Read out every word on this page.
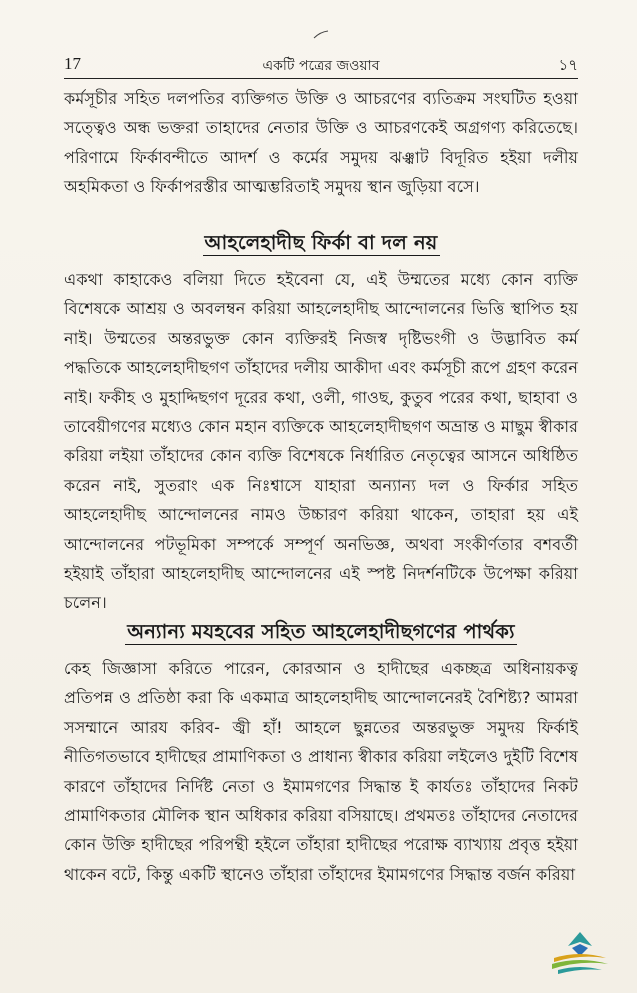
17	একটি পত্রের জওয়াব	১৭
কর্মসূচীর সহিত দলপতির ব্যক্তিগত উক্তি ও আচরণের ব্যতিক্রম সংঘটিত হওয়া সত্ত্বেও অন্ধ ভক্তরা তাহাদের নেতার উক্তি ও আচরণকেই অগ্রগণ্য করিতেছে। পরিণামে ফির্কাবন্দীতে আদর্শ ও কর্মের সমুদয় ঝঞ্ঝাট বিদূরিত হইয়া দলীয় অহমিকতা ও ফির্কাপরস্তীর আত্মম্ভরিতাই সমুদয় স্থান জুড়িয়া বসে।
আহলেহাদীছ ফির্কা বা দল নয়
একথা কাহাকেও বলিয়া দিতে হইবেনা যে, এই উম্মতের মধ্যে কোন ব্যক্তি বিশেষকে আশ্রয় ও অবলম্বন করিয়া আহলেহাদীছ আন্দোলনের ভিত্তি স্থাপিত হয় নাই। উম্মতের অন্তরভুক্ত কোন ব্যক্তিরই নিজস্ব দৃষ্টিভংগী ও উদ্ভাবিত কর্ম পদ্ধতিকে আহলেহাদীছগণ তাঁহাদের দলীয় আকীদা এবং কর্মসূচী রূপে গ্রহণ করেন নাই। ফকীহ ও মুহাদ্দিছগণ দূরের কথা, ওলী, গাওছ, কুতুব পরের কথা, ছাহাবা ও তাবেয়ীগণের মধ্যেও কোন মহান ব্যক্তিকে আহলেহাদীছগণ অভ্রান্ত ও মাছুম স্বীকার করিয়া লইয়া তাঁহাদের কোন ব্যক্তি বিশেষকে নির্ধারিত নেতৃত্বের আসনে অধিষ্ঠিত করেন নাই, সুতরাং এক নিঃশ্বাসে যাহারা অন্যান্য দল ও ফির্কার সহিত আহলেহাদীছ আন্দোলনের নামও উচ্চারণ করিয়া থাকেন, তাহারা হয় এই আন্দোলনের পটভূমিকা সম্পর্কে সম্পূর্ণ অনভিজ্ঞ, অথবা সংকীর্ণতার বশবর্তী হইয়াই তাঁহারা আহলেহাদীছ আন্দোলনের এই স্পষ্ট নিদর্শনটিকে উপেক্ষা করিয়া চলেন।
অন্যান্য মযহবের সহিত আহলেহাদীছগণের পার্থক্য
কেহ জিজ্ঞাসা করিতে পারেন, কোরআন ও হাদীছের একচ্ছত্র অধিনায়কত্ব প্রতিপন্ন ও প্রতিষ্ঠা করা কি একমাত্র আহলেহাদীছ আন্দোলনেরই বৈশিষ্ট্য? আমরা সসম্মানে আরয করিব- জ্বী হাঁ! আহলে ছুন্নতের অন্তরভুক্ত সমুদয় ফির্কাই নীতিগতভাবে হাদীছের প্রামাণিকতা ও প্রাধান্য স্বীকার করিয়া লইলেও দুইটি বিশেষ কারণে তাঁহাদের নির্দিষ্ট নেতা ও ইমামগণের সিদ্ধান্ত ই কার্যতঃ তাঁহাদের নিকট প্রামাণিকতার মৌলিক স্থান অধিকার করিয়া বসিয়াছে। প্রথমতঃ তাঁহাদের নেতাদের কোন উক্তি হাদীছের পরিপন্থী হইলে তাঁহারা হাদীছের পরোক্ষ ব্যাখ্যায় প্রবৃত্ত হইয়া থাকেন বটে, কিন্তু একটি স্থানেও তাঁহারা তাঁহাদের ইমামগণের সিদ্ধান্ত বর্জন করিয়া
